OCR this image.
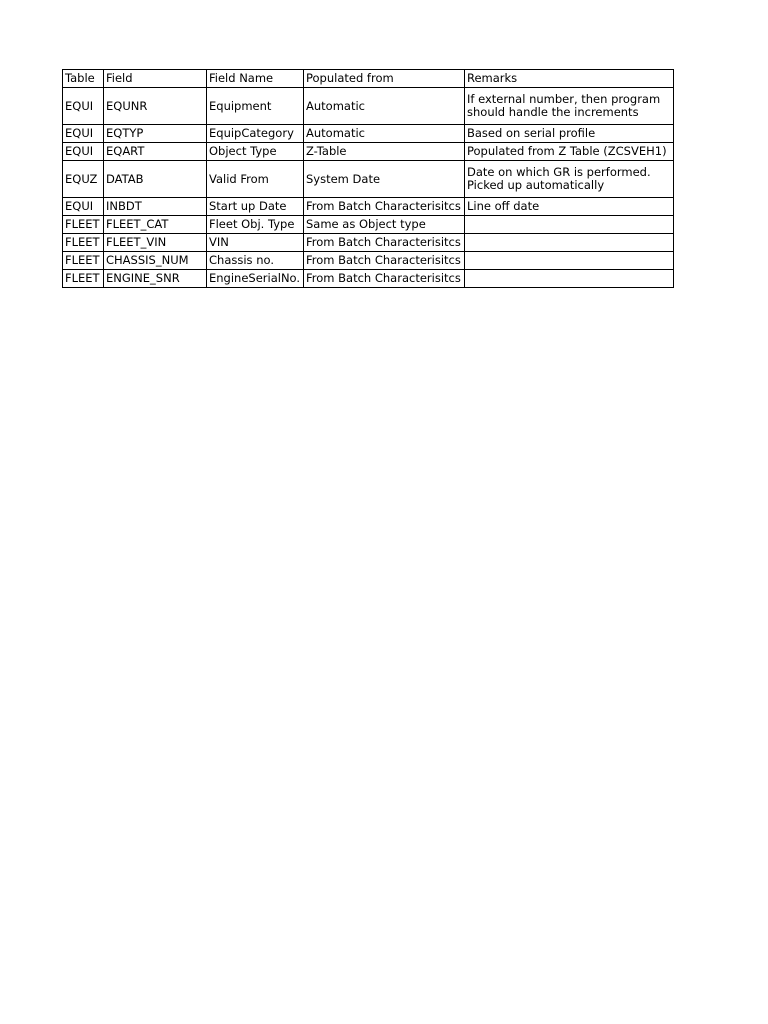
Table	Field	Field Name	Populated from	Remarks
EQUI	EQUNR	Equipment	Automatic	If external number, then program should handle the increments
EQUI	EQTYP	EquipCategory	Automatic	Based on serial profile
EQUI	EQART	Object Type	Z-Table	Populated from Z Table (ZCSVEH1)
EQUZ	DATAB	Valid From	System Date	Date on which GR is performed. Picked up automatically
EQUI	INBDT	Start up Date	From Batch Characterisitcs	Line off date
FLEET	FLEET_CAT	Fleet Obj. Type	Same as Object type	
FLEET	FLEET_VIN	VIN	From Batch Characterisitcs	
FLEET	CHASSIS_NUM	Chassis no.	From Batch Characterisitcs	
FLEET	ENGINE_SNR	EngineSerialNo.	From Batch Characterisitcs	
